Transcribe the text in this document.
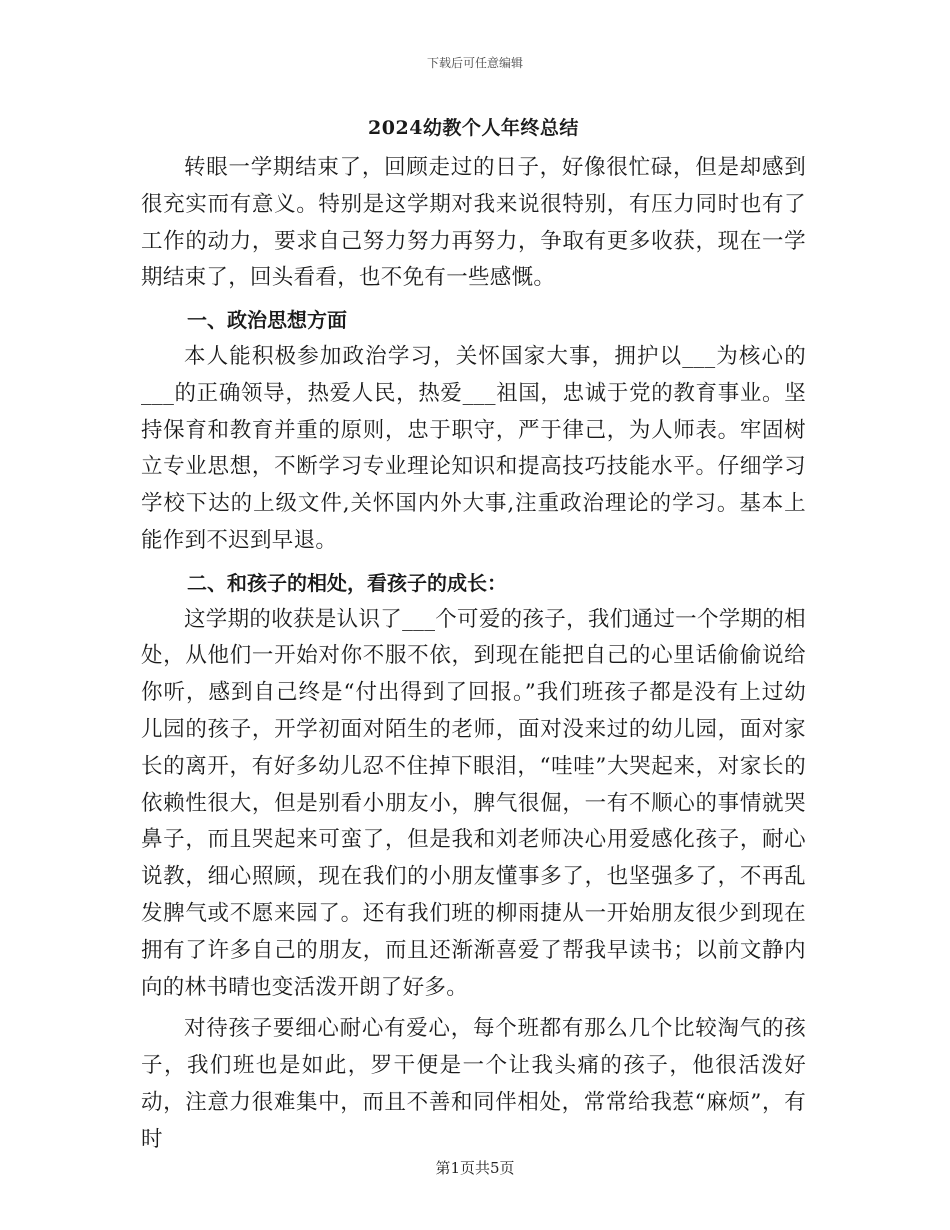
下载后可任意编辑
2024幼教个人年终总结

转眼一学期结束了，回顾走过的日子，好像很忙碌，但是却感到很充实而有意义。特别是这学期对我来说很特别，有压力同时也有了工作的动力，要求自己努力努力再努力，争取有更多收获，现在一学期结束了，回头看看，也不免有一些感慨。

一、政治思想方面

本人能积极参加政治学习，关怀国家大事，拥护以___为核心的___的正确领导，热爱人民，热爱___祖国，忠诚于党的教育事业。坚持保育和教育并重的原则，忠于职守，严于律己，为人师表。牢固树立专业思想，不断学习专业理论知识和提高技巧技能水平。仔细学习学校下达的上级文件,关怀国内外大事,注重政治理论的学习。基本上能作到不迟到早退。

二、和孩子的相处，看孩子的成长：

这学期的收获是认识了___个可爱的孩子，我们通过一个学期的相处，从他们一开始对你不服不依，到现在能把自己的心里话偷偷说给你听，感到自己终是“付出得到了回报。”我们班孩子都是没有上过幼儿园的孩子，开学初面对陌生的老师，面对没来过的幼儿园，面对家长的离开，有好多幼儿忍不住掉下眼泪，“哇哇”大哭起来，对家长的依赖性很大，但是别看小朋友小，脾气很倔，一有不顺心的事情就哭鼻子，而且哭起来可蛮了，但是我和刘老师决心用爱感化孩子，耐心说教，细心照顾，现在我们的小朋友懂事多了，也坚强多了，不再乱发脾气或不愿来园了。还有我们班的柳雨捷从一开始朋友很少到现在拥有了许多自己的朋友，而且还渐渐喜爱了帮我早读书；以前文静内向的林书晴也变活泼开朗了好多。

对待孩子要细心耐心有爱心，每个班都有那么几个比较淘气的孩子，我们班也是如此，罗干便是一个让我头痛的孩子，他很活泼好动，注意力很难集中，而且不善和同伴相处，常常给我惹“麻烦”，有时

第1页共5页
